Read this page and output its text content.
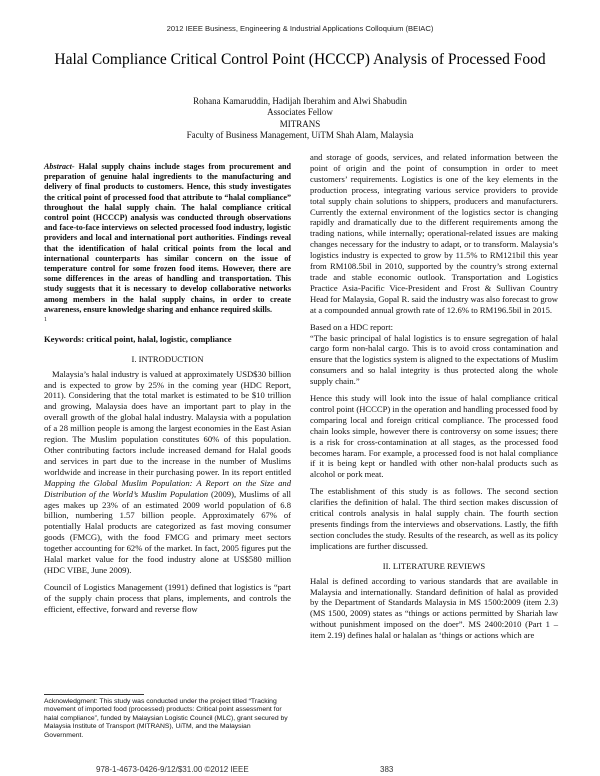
2012 IEEE Business, Engineering & Industrial Applications Colloquium (BEIAC)
Halal Compliance Critical Control Point (HCCCP) Analysis of Processed Food
Rohana Kamaruddin, Hadijah Iberahim and Alwi Shabudin
Associates Fellow
MITRANS
Faculty of Business Management, UiTM Shah Alam, Malaysia

Abstract- Halal supply chains include stages from procurement and preparation of genuine halal ingredients to the manufacturing and delivery of final products to customers. Hence, this study investigates the critical point of processed food that attribute to “halal compliance” throughout the halal supply chain. The halal compliance critical control point (HCCCP) analysis was conducted through observations and face-to-face interviews on selected processed food industry, logistic providers and local and international port authorities. Findings reveal that the identification of halal critical points from the local and international counterparts has similar concern on the issue of temperature control for some frozen food items. However, there are some differences in the areas of handling and transportation. This study suggests that it is necessary to develop collaborative networks among members in the halal supply chains, in order to create awareness, ensure knowledge sharing and enhance required skills.

$^1$

Keywords: critical point, halal, logistic, compliance

I. INTRODUCTION

Malaysia’s halal industry is valued at approximately USD$30 billion and is expected to grow by 25% in the coming year (HDC Report, 2011). Considering that the total market is estimated to be $10 trillion and growing, Malaysia does have an important part to play in the overall growth of the global halal industry. Malaysia with a population of a 28 million people is among the largest economies in the East Asian region. The Muslim population constitutes 60% of this population. Other contributing factors include increased demand for Halal goods and services in part due to the increase in the number of Muslims worldwide and increase in their purchasing power. In its report entitled Mapping the Global Muslim Population: A Report on the Size and Distribution of the World’s Muslim Population (2009), Muslims of all ages makes up 23% of an estimated 2009 world population of 6.8 billion, numbering 1.57 billion people. Approximately 67% of potentially Halal products are categorized as fast moving consumer goods (FMCG), with the food FMCG and primary meet sectors together accounting for 62% of the market. In fact, 2005 figures put the Halal market value for the food industry alone at US$580 million (HDC VIBE, June 2009).

Council of Logistics Management (1991) defined that logistics is “part of the supply chain process that plans, implements, and controls the efficient, effective, forward and reverse flow

and storage of goods, services, and related information between the point of origin and the point of consumption in order to meet customers’ requirements. Logistics is one of the key elements in the production process, integrating various service providers to provide total supply chain solutions to shippers, producers and manufacturers. Currently the external environment of the logistics sector is changing rapidly and dramatically due to the different requirements among the trading nations, while internally; operational-related issues are making changes necessary for the industry to adapt, or to transform. Malaysia’s logistics industry is expected to grow by 11.5% to RM121bil this year from RM108.5bil in 2010, supported by the country’s strong external trade and stable economic outlook. Transportation and Logistics Practice Asia-Pacific Vice-President and Frost & Sullivan Country Head for Malaysia, Gopal R. said the industry was also forecast to grow at a compounded annual growth rate of 12.6% to RM196.5bil in 2015.

Based on a HDC report:

“The basic principal of halal logistics is to ensure segregation of halal cargo form non-halal cargo. This is to avoid cross contamination and ensure that the logistics system is aligned to the expectations of Muslim consumers and so halal integrity is thus protected along the whole supply chain.”

Hence this study will look into the issue of halal compliance critical control point (HCCCP) in the operation and handling processed food by comparing local and foreign critical compliance. The processed food chain looks simple, however there is controversy on some issues; there is a risk for cross-contamination at all stages, as the processed food becomes haram. For example, a processed food is not halal compliance if it is being kept or handled with other non-halal products such as alcohol or pork meat.

The establishment of this study is as follows. The second section clarifies the definition of halal. The third section makes discussion of critical controls analysis in halal supply chain. The fourth section presents findings from the interviews and observations. Lastly, the fifth section concludes the study. Results of the research, as well as its policy implications are further discussed.

II. LITERATURE REVIEWS

Halal is defined according to various standards that are available in Malaysia and internationally. Standard definition of halal as provided by the Department of Standards Malaysia in MS 1500:2009 (item 2.3)(MS 1500, 2009) states as “things or actions permitted by Shariah law without punishment imposed on the doer”. MS 2400:2010 (Part 1 – item 2.19) defines halal or halalan as ‘things or actions which are

Acknowledgment: This study was conducted under the project titled “Tracking movement of imported food (processed) products: Critical point assessment for halal compliance”, funded by Malaysian Logistic Council (MLC), grant secured by Malaysia Institute of Transport (MITRANS), UiTM, and the Malaysian Government.
978-1-4673-0426-9/12/$31.00 ©2012 IEEE	383
